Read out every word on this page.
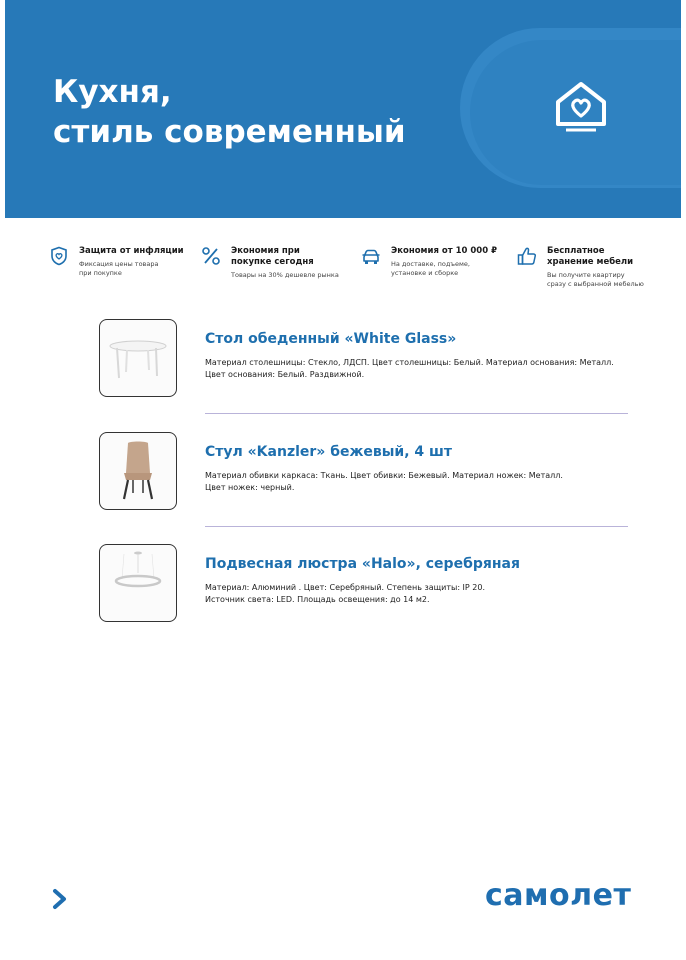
Кухня,
стиль современный
Защита от инфляции
Фиксация цены товара
при покупке
Экономия при
покупке сегодня
Товары на 30% дешевле рынка
Экономия от 10 000 ₽
На доставке, подъеме,
установке и сборке
Бесплатное
хранение мебели
Вы получите квартиру
сразу с выбранной мебелью
Стол обеденный «White Glass»
Материал столешницы: Стекло, ЛДСП. Цвет столешницы: Белый. Материал основания: Металл.
Цвет основания: Белый. Раздвижной.
Стул «Kanzler» бежевый, 4 шт
Материал обивки каркаса: Ткань. Цвет обивки: Бежевый. Материал ножек: Металл.
Цвет ножек: черный.
Подвесная люстра «Halo», серебряная
Материал: Алюминий . Цвет: Серебряный. Степень защиты: IP 20.
Источник света: LED. Площадь освещения: до 14 м2.
самолет
